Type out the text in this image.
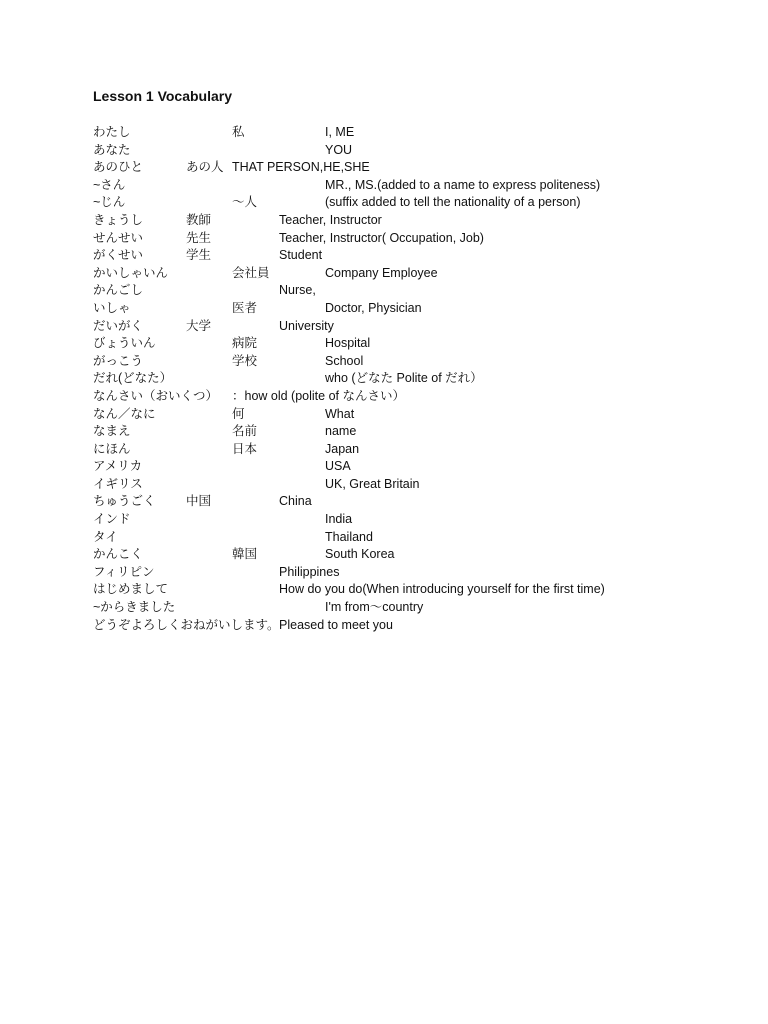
Lesson 1 Vocabulary
わたし	私	I, ME
あなた	YOU
あのひと	あの人 THAT PERSON,HE,SHE
~さん	MR., MS.(added to a name to express politeness)
~じん	～人	(suffix added to tell the nationality of a person)
きょうし	教師	Teacher, Instructor
せんせい	先生	Teacher, Instructor( Occupation, Job)
がくせい	学生	Student
かいしゃいん	会社員	Company Employee
かんごし	Nurse,
いしゃ	医者	Doctor, Physician
だいがく	大学	University
びょういん	病院	Hospital
がっこう	学校	School
だれ(どなた）	who (どなた Polite of だれ）
なんさい（おいくつ） ：how old (polite of なんさい）
なん／なに	何	What
なまえ	名前	name
にほん	日本	Japan
アメリカ	USA
イギリス	UK, Great Britain
ちゅうごく 中国	China
インド	India
タイ	Thailand
かんこく	韓国	South Korea
フィリピン	Philippines
はじめまして	How do you do(When introducing yourself for the first time)
~からきました	I'm from～country
どうぞよろしくおねがいします。 Pleased to meet you
